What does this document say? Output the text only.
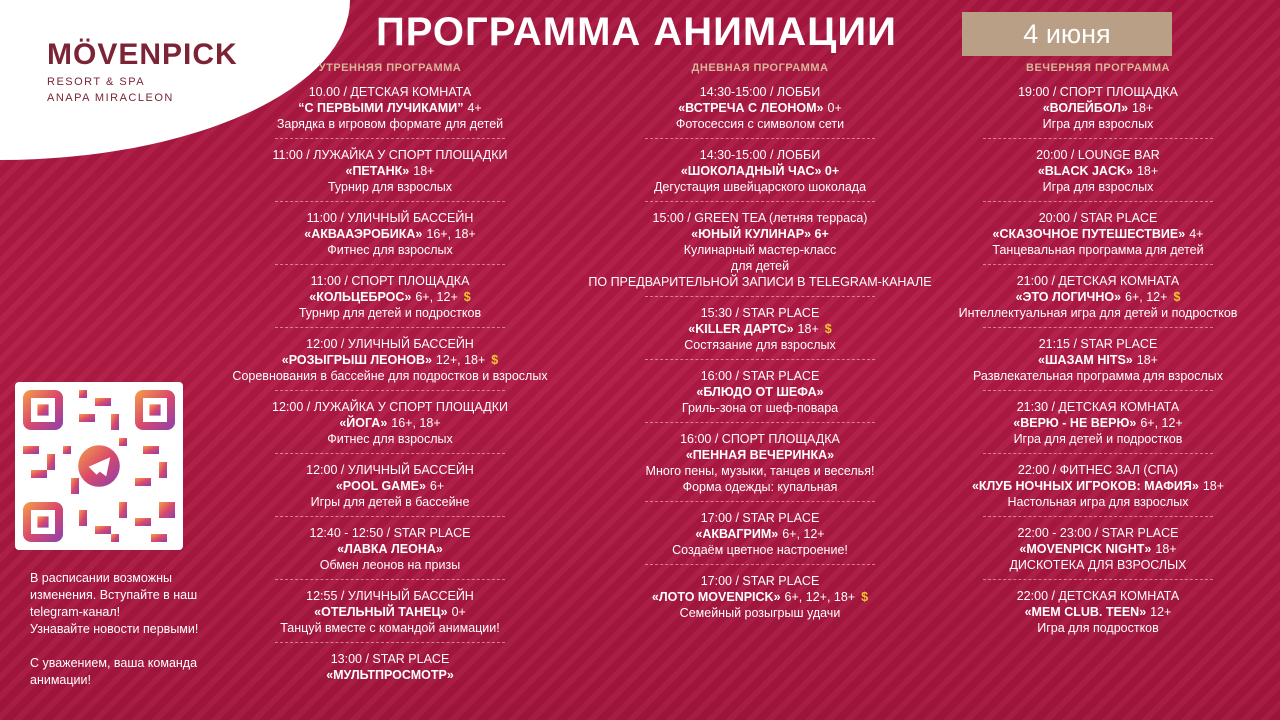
MÖVENPICK
RESORT & SPA
ANAPA MIRACLEON
ПРОГРАММА АНИМАЦИИ	4 июня
УТРЕННЯЯ ПРОГРАММА
10.00 / ДЕТСКАЯ КОМНАТА
“С ПЕРВЫМИ ЛУЧИКАМИ” 4+
Зарядка в игровом формате для детей
11:00 / ЛУЖАЙКА У СПОРТ ПЛОЩАДКИ
«ПЕТАНК» 18+
Турнир для взрослых
11:00 / УЛИЧНЫЙ БАССЕЙН
«АКВААЭРОБИКА» 16+, 18+
Фитнес для взрослых
11:00 / СПОРТ ПЛОЩАДКА
«КОЛЬЦЕБРОС» 6+, 12+ $
Турнир для детей и подростков
12:00 / УЛИЧНЫЙ БАССЕЙН
«РОЗЫГРЫШ ЛЕОНОВ» 12+, 18+ $
Соревнования в бассейне для подростков и взрослых
12:00 / ЛУЖАЙКА У СПОРТ ПЛОЩАДКИ
«ЙОГА» 16+, 18+
Фитнес для взрослых
12:00 / УЛИЧНЫЙ БАССЕЙН
«POOL GAME» 6+
Игры для детей в бассейне
12:40 - 12:50 / STAR PLACE
«ЛАВКА ЛЕОНА»
Обмен леонов на призы
12:55 / УЛИЧНЫЙ БАССЕЙН
«ОТЕЛЬНЫЙ ТАНЕЦ» 0+
Танцуй вместе с командой анимации!
13:00 / STAR PLACE
«МУЛЬТПРОСМОТР»
ДНЕВНАЯ ПРОГРАММА
14:30-15:00 / ЛОББИ
«ВСТРЕЧА С ЛЕОНОМ» 0+
Фотосессия с символом сети
14:30-15:00 / ЛОББИ
«ШОКОЛАДНЫЙ ЧАС» 0+
Дегустация швейцарского шоколада
15:00 / GREEN TEA (летняя терраса)
«ЮНЫЙ КУЛИНАР» 6+
Кулинарный мастер-класс
для детей
ПО ПРЕДВАРИТЕЛЬНОЙ ЗАПИСИ В TELEGRAM-КАНАЛЕ
15:30 / STAR PLACE
«KILLER ДАРТС» 18+ $
Состязание для взрослых
16:00 / STAR PLACE
«БЛЮДО ОТ ШЕФА»
Гриль-зона от шеф-повара
16:00 / СПОРТ ПЛОЩАДКА
«ПЕННАЯ ВЕЧЕРИНКА»
Много пены, музыки, танцев и веселья!
Форма одежды: купальная
17:00 / STAR PLACE
«АКВАГРИМ» 6+, 12+
Создаём цветное настроение!
17:00 / STAR PLACE
«ЛОТО MOVENPICK» 6+, 12+, 18+ $
Семейный розыгрыш удачи
ВЕЧЕРНЯЯ ПРОГРАММА
19:00 / СПОРТ ПЛОЩАДКА
«ВОЛЕЙБОЛ» 18+
Игра для взрослых
20:00 / LOUNGE BAR
«BLACK JACK» 18+
Игра для взрослых
20:00 / STAR PLACE
«СКАЗОЧНОЕ ПУТЕШЕСТВИЕ» 4+
Танцевальная программа для детей
21:00 / ДЕТСКАЯ КОМНАТА
«ЭТО ЛОГИЧНО» 6+, 12+ $
Интеллектуальная игра для детей и подростков
21:15 / STAR PLACE
«ШАЗАМ HITS» 18+
Развлекательная программа для взрослых
21:30 / ДЕТСКАЯ КОМНАТА
«ВЕРЮ - НЕ ВЕРЮ» 6+, 12+
Игра для детей и подростков
22:00 / ФИТНЕС ЗАЛ (СПА)
«КЛУБ НОЧНЫХ ИГРОКОВ: МАФИЯ» 18+
Настольная игра для взрослых
22:00 - 23:00 / STAR PLACE
«MOVENPICK NIGHT» 18+
ДИСКОТЕКА ДЛЯ ВЗРОСЛЫХ
22:00 / ДЕТСКАЯ КОМНАТА
«MEM CLUB. TEEN» 12+
Игра для подростков
В расписании возможны
изменения. Вступайте в наш
telegram-канал!
Узнавайте новости первыми!
С уважением, ваша команда
анимации!
